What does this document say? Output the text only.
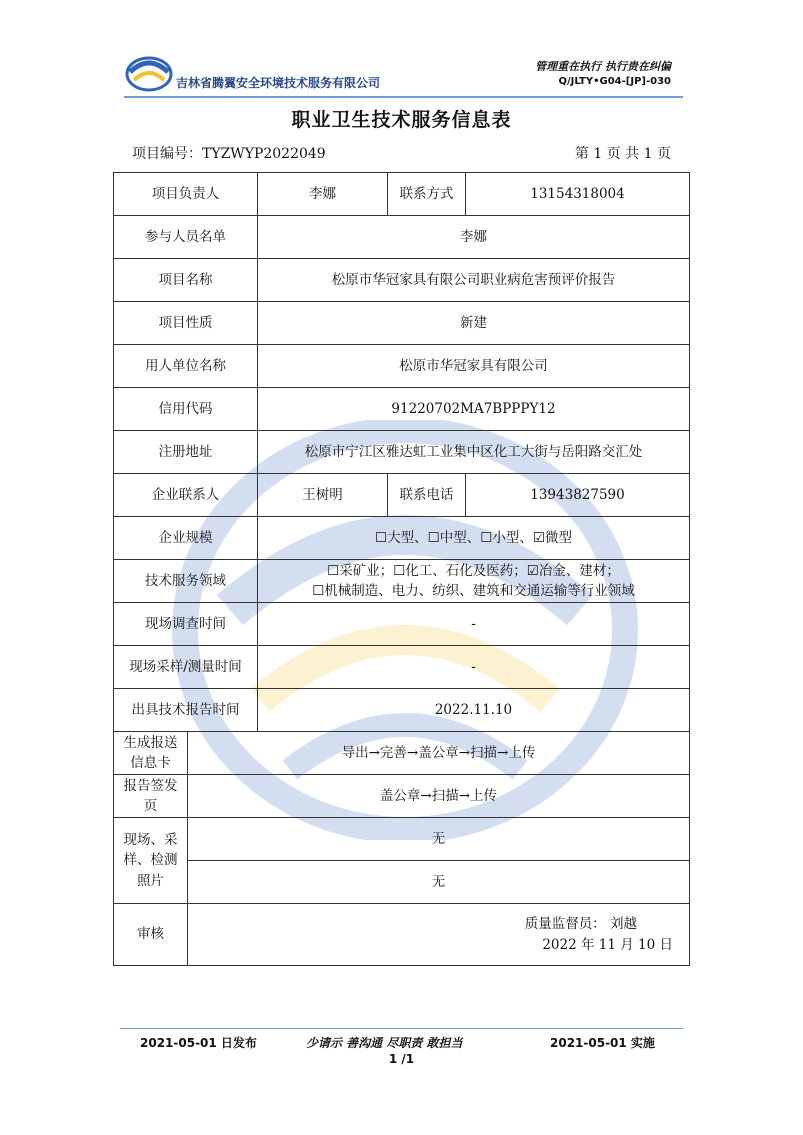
吉林省腾翼安全环境技术服务有限公司
管理重在执行 执行贵在纠偏
Q/JLTY•G04-[JP]-030
职业卫生技术服务信息表
项目编号：TYZWYP2022049	第 1 页 共 1 页
项目负责人		李娜	联系方式	13154318004
参与人员名单		李娜		
项目名称		松原市华冠家具有限公司职业病危害预评价报告		
项目性质		新建		
用人单位名称		松原市华冠家具有限公司		
信用代码		91220702MA7BPPPY12		
注册地址		松原市宁江区雅达虹工业集中区化工大街与岳阳路交汇处		
企业联系人		王树明	联系电话	13943827590
企业规模		☐大型、☐中型、☐小型、☑微型		
技术服务领域		☐采矿业；☐化工、石化及医药；☑冶金、建材；
☐机械制造、电力、纺织、建筑和交通运输等行业领域		

现场调查时间		-		
现场采样/测量时间		-		
出具技术报告时间		2022.11.10		

生成报送
信息卡	导出→完善→盖公章→扫描→上传			

报告签发
页	盖公章→扫描→上传			

现场、采
样、检测
照片	无			
	无			
审核	质量监督员： 刘越
2022 年 11 月 10 日			
2021-05-01 日发布	少请示 善沟通 尽职责 敢担当	2021-05-01 实施
1 /1
